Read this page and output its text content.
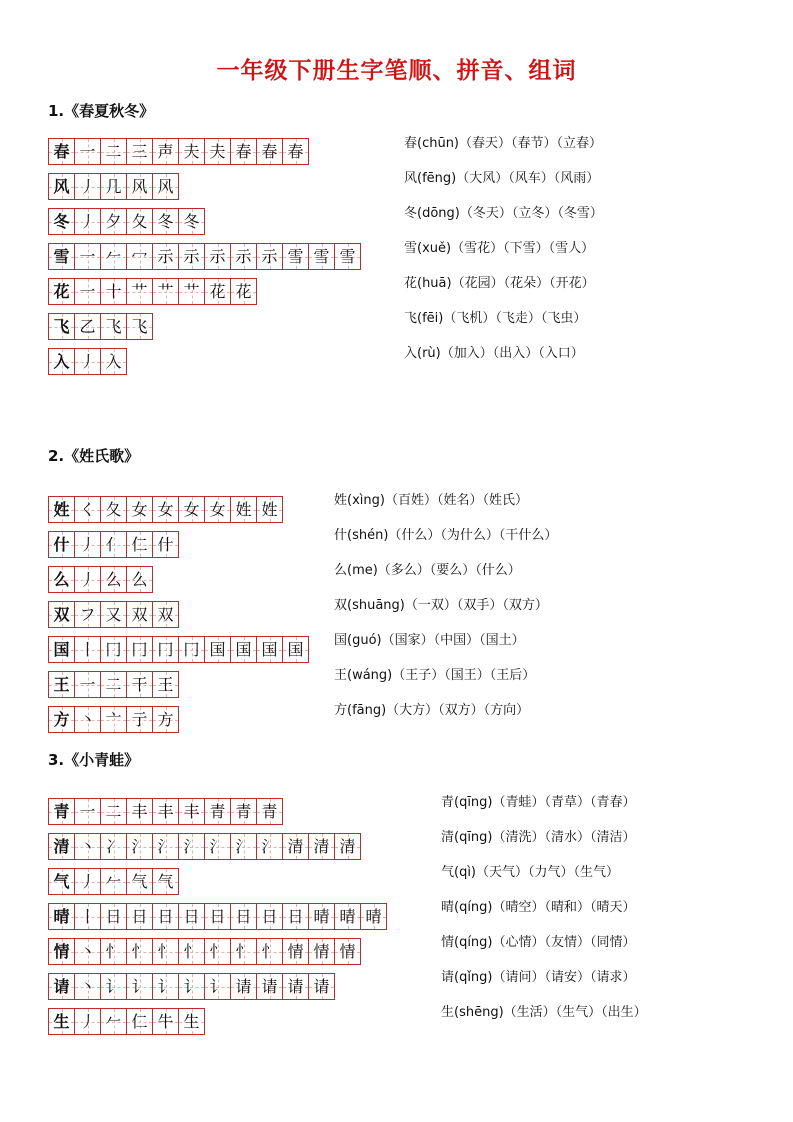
一年级下册生字笔顺、拼音、组词
1.《春夏秋冬》
春 一 二 三 声 夫 夫 春 春 春
风 丿 几 风 风
冬 丿 夕 夂 冬 冬
雪 一 𠂉 冖 示 示 示 示 示 雪 雪 雪
花 一 十 艹 艹 艹 花 花
飞 乙 飞 飞
入 丿 入
春(chūn)（春天）（春节）（立春）
风(fēng)（大风）（风车）（风雨）
冬(dōng)（冬天）（立冬）（冬雪）
雪(xuě)（雪花）（下雪）（雪人）
花(huā)（花园）（花朵）（开花）
飞(fēi)（飞机）（飞走）（飞虫）
入(rù)（加入）（出入）（入口）
2.《姓氏歌》
姓 く 夂 女 女 女 女 姓 姓
什 丿 亻 仁 什
么 丿 么 么
双 フ 又 双 双
国 丨 冂 冂 冂 冂 国 国 国 国
王 一 二 干 王
方 丶 亠 亍 方
姓(xìng)（百姓）（姓名）（姓氏）
什(shén)（什么）（为什么）（干什么）
么(me)（多么）（要么）（什么）
双(shuāng)（一双）（双手）（双方）
国(guó)（国家）（中国）（国土）
王(wáng)（王子）（国王）（王后）
方(fāng)（大方）（双方）（方向）
3.《小青蛙》
青 一 二 丰 丰 丰 青 青 青
清 丶 冫 氵 氵 氵 氵 氵 氵 清 清 清
气 丿 𠂉 气 气
晴 丨 日 日 日 日 日 日 日 日 晴 晴 晴
情 丶 忄 忄 忄 忄 忄 忄 忄 情 情 情
请 丶 讠 讠 讠 讠 讠 请 请 请 请
生 丿 𠂉 仁 牛 生
青(qīng)（青蛙）（青草）（青春）
清(qīng)（清洗）（清水）（清洁）
气(qì)（天气）（力气）（生气）
晴(qíng)（晴空）（晴和）（晴天）
情(qíng)（心情）（友情）（同情）
请(qǐng)（请问）（请安）（请求）
生(shēng)（生活）（生气）（出生）
